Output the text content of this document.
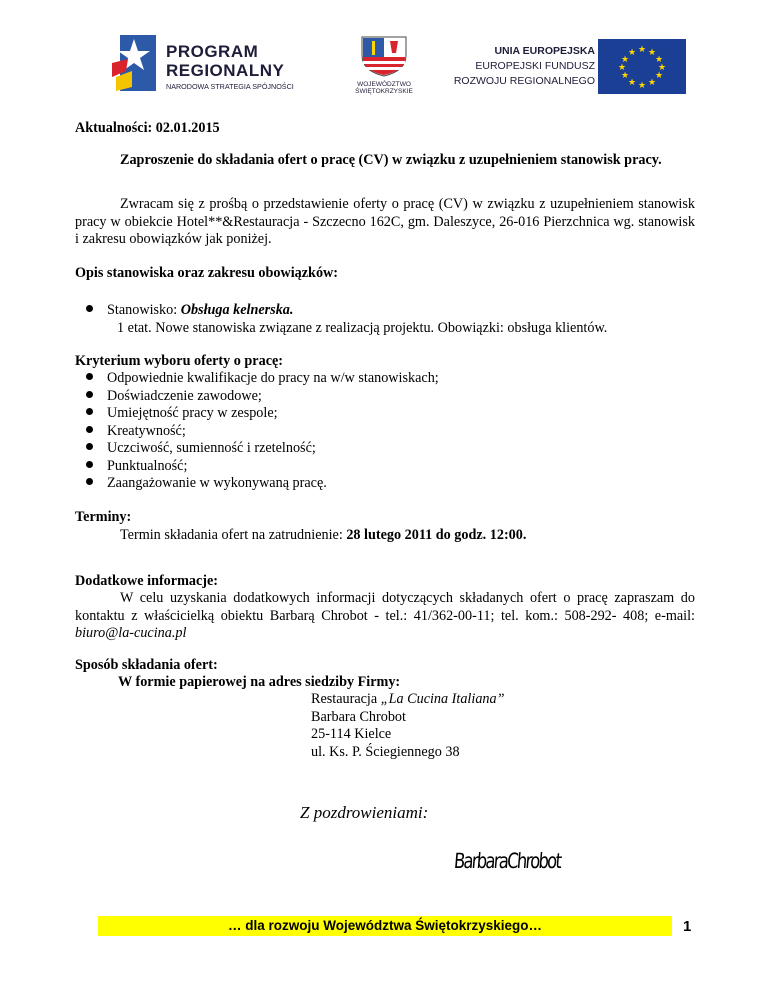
PROGRAM
REGIONALNY
NARODOWA STRATEGIA SPÓJNOŚCI	WOJEWÓDZTWO
ŚWIĘTOKRZYSKIE
UNIA EUROPEJSKA
EUROPEJSKI FUNDUSZ
ROZWOJU REGIONALNEGO
★ ★
★
★
★
★
★
★
★
★
★
★
Aktualności: 02.01.2015
Zaproszenie do składania ofert o pracę (CV) w związku z uzupełnieniem stanowisk pracy.
Zwracam się z prośbą o przedstawienie oferty o pracę (CV) w związku z uzupełnieniem stanowisk pracy w obiekcie Hotel**&Restauracja - Szczecno 162C, gm. Daleszyce, 26-016 Pierzchnica wg. stanowisk i zakresu obowiązków jak poniżej.
Opis stanowiska oraz zakresu obowiązków:
Stanowisko: Obsługa kelnerska.
1 etat. Nowe stanowiska związane z realizacją projektu. Obowiązki: obsługa klientów.
Kryterium wyboru oferty o pracę:
Odpowiednie kwalifikacje do pracy na w/w stanowiskach;
Doświadczenie zawodowe;
Umiejętność pracy w zespole;
Kreatywność;
Uczciwość, sumienność i rzetelność;
Punktualność;
Zaangażowanie w wykonywaną pracę.
Terminy:
Termin składania ofert na zatrudnienie: 28 lutego 2011 do godz. 12:00.
Dodatkowe informacje:
W celu uzyskania dodatkowych informacji dotyczących składanych ofert o pracę zapraszam do kontaktu z właścicielką obiektu Barbarą Chrobot - tel.: 41/362-00-11; tel. kom.: 508-292- 408; e-mail: biuro@la-cucina.pl
Sposób składania ofert:
W formie papierowej na adres siedziby Firmy:
Restauracja „La Cucina Italiana”
Barbara Chrobot
25-114 Kielce
ul. Ks. P. Ściegiennego 38
Z pozdrowieniami:
BarbaraChrobot
… dla rozwoju Województwa Świętokrzyskiego…	1
